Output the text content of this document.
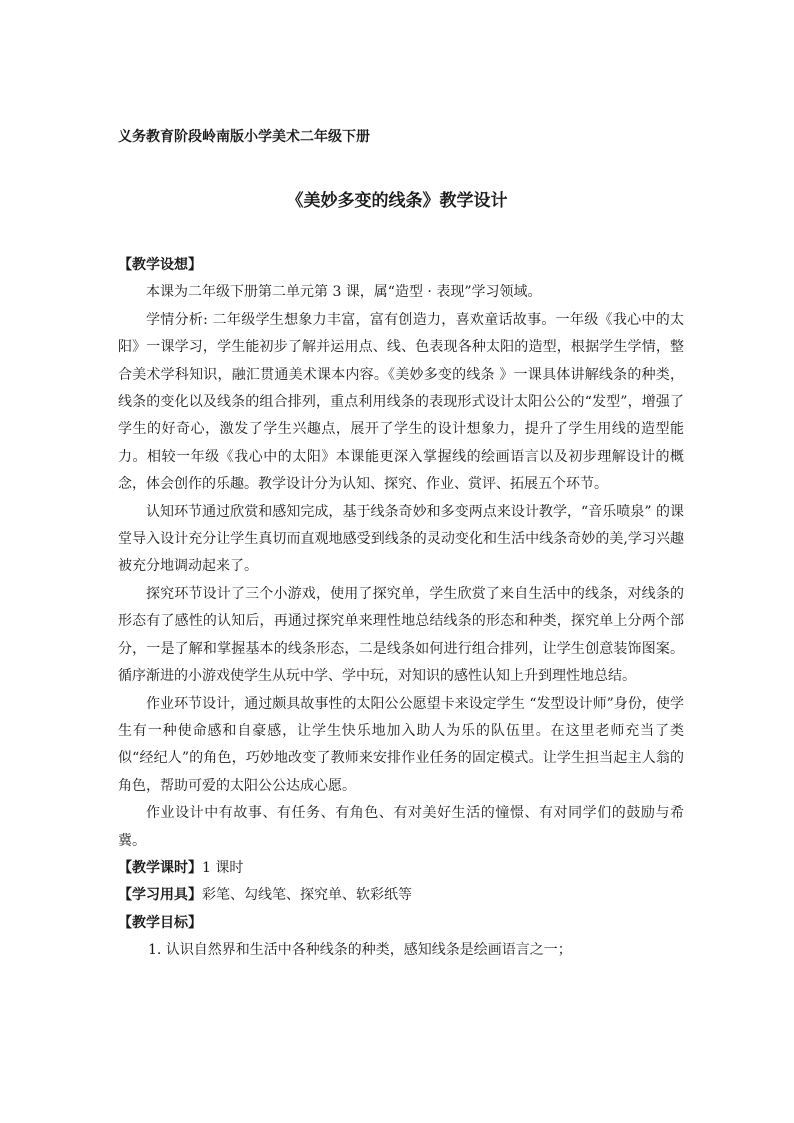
义务教育阶段岭南版小学美术二年级下册
《美妙多变的线条》教学设计

【教学设想】

本课为二年级下册第二单元第 3 课，属“造型 · 表现”学习领域。

学情分析: 二年级学生想象力丰富，富有创造力，喜欢童话故事。一年级《我心中的太阳》一课学习，学生能初步了解并运用点、线、色表现各种太阳的造型，根据学生学情，整合美术学科知识，融汇贯通美术课本内容。《美妙多变的线条 》一课具体讲解线条的种类，线条的变化以及线条的组合排列，重点利用线条的表现形式设计太阳公公的“发型”，增强了学生的好奇心，激发了学生兴趣点，展开了学生的设计想象力，提升了学生用线的造型能力。相较一年级《我心中的太阳》本课能更深入掌握线的绘画语言以及初步理解设计的概念，体会创作的乐趣。教学设计分为认知、探究、作业、赏评、拓展五个环节。

认知环节通过欣赏和感知完成，基于线条奇妙和多变两点来设计教学，“音乐喷泉” 的课堂导入设计充分让学生真切而直观地感受到线条的灵动变化和生活中线条奇妙的美,学习兴趣被充分地调动起来了。

探究环节设计了三个小游戏，使用了探究单，学生欣赏了来自生活中的线条，对线条的形态有了感性的认知后，再通过探究单来理性地总结线条的形态和种类，探究单上分两个部分，一是了解和掌握基本的线条形态，二是线条如何进行组合排列，让学生创意装饰图案。循序渐进的小游戏使学生从玩中学、学中玩，对知识的感性认知上升到理性地总结。

作业环节设计，通过颇具故事性的太阳公公愿望卡来设定学生 “发型设计师”身份，使学生有一种使命感和自豪感，让学生快乐地加入助人为乐的队伍里。在这里老师充当了类似“经纪人”的角色，巧妙地改变了教师来安排作业任务的固定模式。让学生担当起主人翁的角色，帮助可爱的太阳公公达成心愿。

作业设计中有故事、有任务、有角色、有对美好生活的憧憬、有对同学们的鼓励与希冀。

【教学课时】1 课时

【学习用具】彩笔、勾线笔、探究单、软彩纸等

【教学目标】

1. 认识自然界和生活中各种线条的种类，感知线条是绘画语言之一；
